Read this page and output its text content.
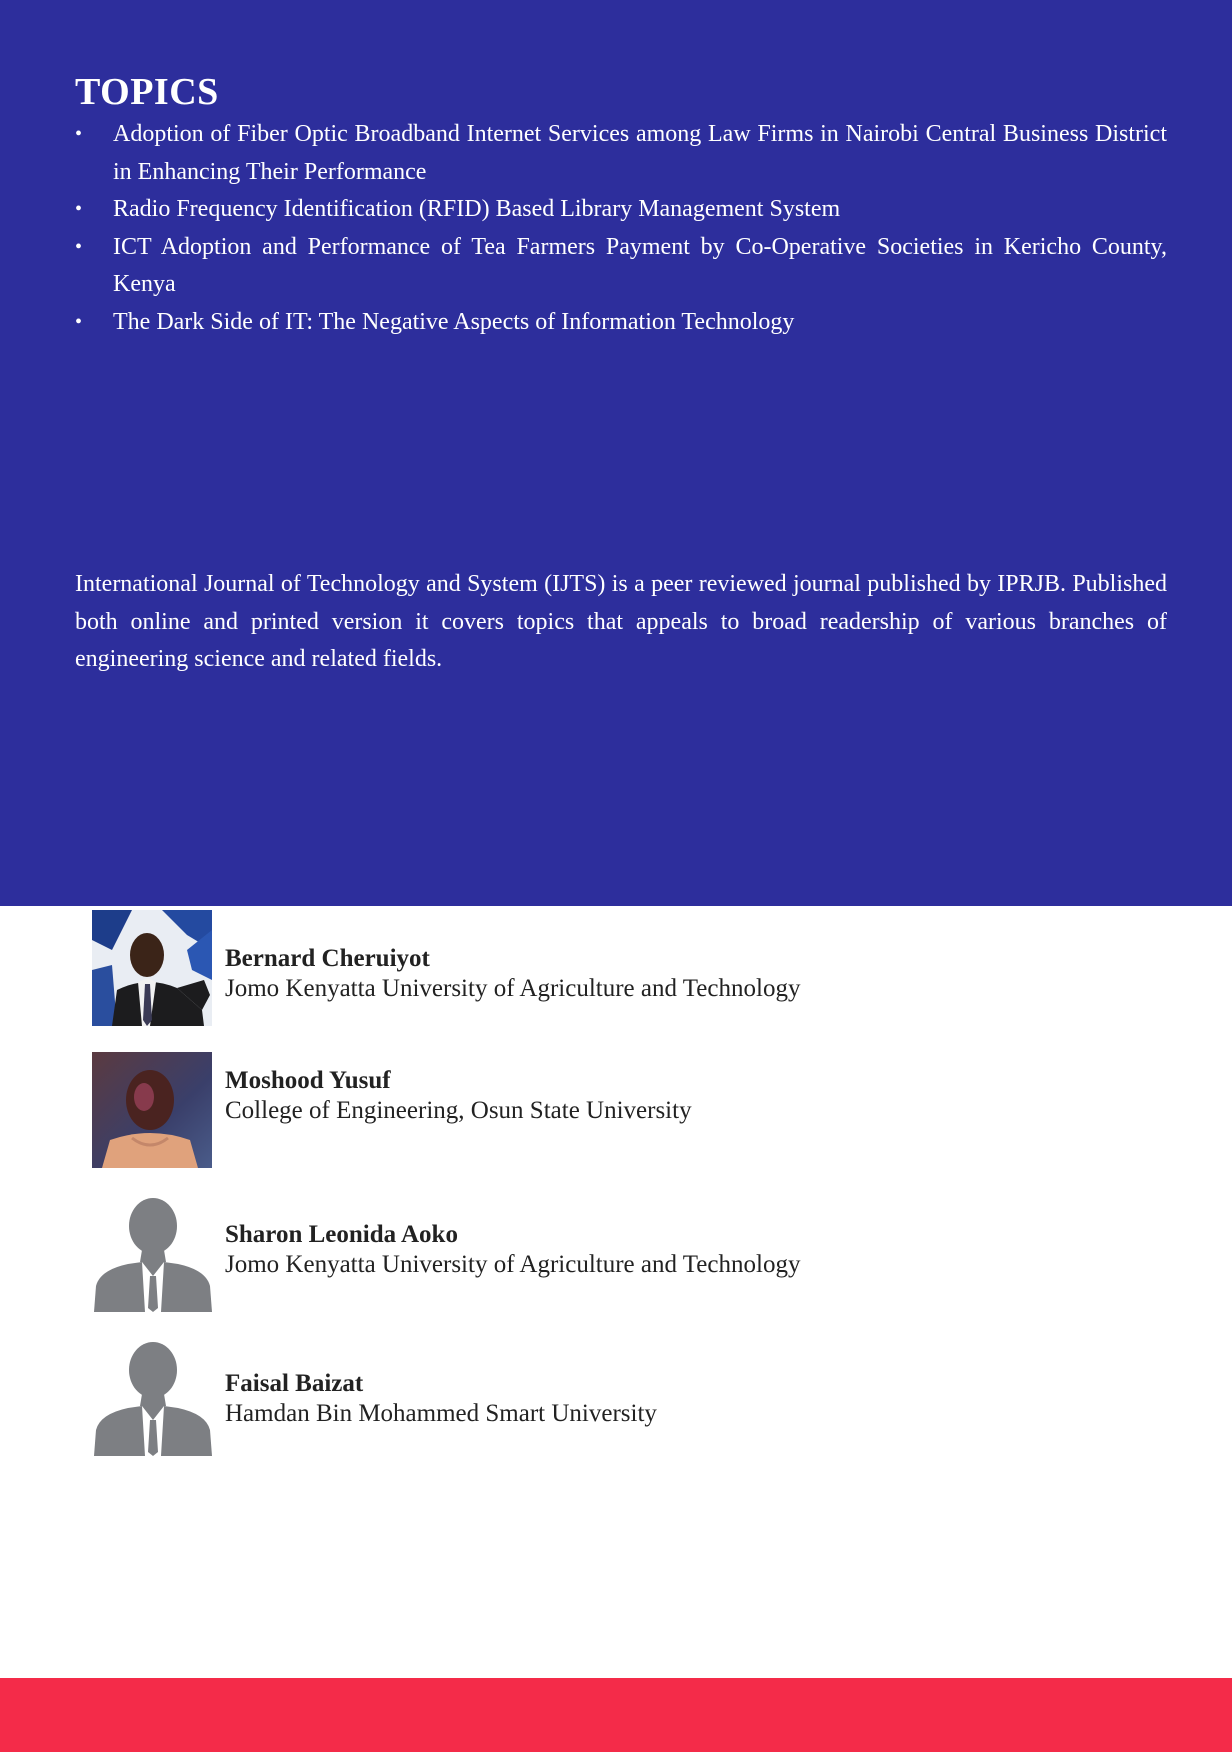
TOPICS
• Adoption of Fiber Optic Broadband Internet Services among Law Firms in Nairobi Central Business District in Enhancing Their Performance
• Radio Frequency Identification (RFID) Based Library Management System
• ICT Adoption and Performance of Tea Farmers Payment by Co-Operative Societies in Kericho County, Kenya
• The Dark Side of IT: The Negative Aspects of Information Technology

International Journal of Technology and System (IJTS) is a peer reviewed journal published by IPRJB. Published both online and printed version it covers topics that appeals to broad readership of various branches of engineering science and related fields.

Bernard Cheruiyot
Jomo Kenyatta University of Agriculture and Technology
Moshood Yusuf
College of Engineering, Osun State University
Sharon Leonida Aoko
Jomo Kenyatta University of Agriculture and Technology
Faisal Baizat
Hamdan Bin Mohammed Smart University
